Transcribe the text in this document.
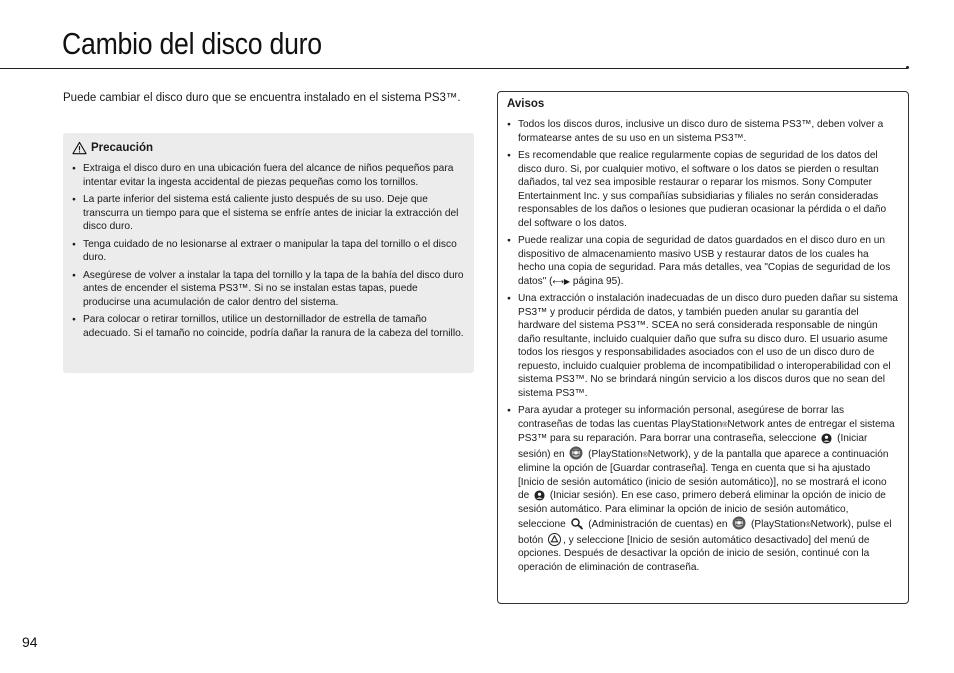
Cambio del disco duro
Puede cambiar el disco duro que se encuentra instalado en el sistema PS3™.
Precaución
● Extraiga el disco duro en una ubicación fuera del alcance de niños pequeños para intentar evitar la ingesta accidental de piezas pequeñas como los tornillos.
● La parte inferior del sistema está caliente justo después de su uso. Deje que transcurra un tiempo para que el sistema se enfríe antes de iniciar la extracción del disco duro.
● Tenga cuidado de no lesionarse al extraer o manipular la tapa del tornillo o el disco duro.
● Asegúrese de volver a instalar la tapa del tornillo y la tapa de la bahía del disco duro antes de encender el sistema PS3™. Si no se instalan estas tapas, puede producirse una acumulación de calor dentro del sistema.
● Para colocar o retirar tornillos, utilice un destornillador de estrella de tamaño adecuado. Si el tamaño no coincide, podría dañar la ranura de la cabeza del tornillo.
Avisos
● Todos los discos duros, inclusive un disco duro de sistema PS3™, deben volver a formatearse antes de su uso en un sistema PS3™.
● Es recomendable que realice regularmente copias de seguridad de los datos del disco duro. Si, por cualquier motivo, el software o los datos se pierden o resultan dañados, tal vez sea imposible restaurar o reparar los mismos. Sony Computer Entertainment Inc. y sus compañías subsidiarias y filiales no serán consideradas responsables de los daños o lesiones que pudieran ocasionar la pérdida o el daño del software o los datos.
● Puede realizar una copia de seguridad de datos guardados en el disco duro en un dispositivo de almacenamiento masivo USB y restaurar datos de los cuales ha hecho una copia de seguridad. Para más detalles, vea "Copias de seguridad de los datos" (⟷▶ página 95).
● Una extracción o instalación inadecuadas de un disco duro pueden dañar su sistema PS3™ y producir pérdida de datos, y también pueden anular su garantía del hardware del sistema PS3™. SCEA no será considerada responsable de ningún daño resultante, incluido cualquier daño que sufra su disco duro. El usuario asume todos los riesgos y responsabilidades asociados con el uso de un disco duro de repuesto, incluido cualquier problema de incompatibilidad o interoperabilidad con el sistema PS3™. No se brindará ningún servicio a los discos duros que no sean del sistema PS3™.
● Para ayudar a proteger su información personal, asegúrese de borrar las contraseñas de todas las cuentas PlayStation®Network antes de entregar el sistema PS3™ para su reparación. Para borrar una contraseña, seleccione  (Iniciar sesión) en  (PlayStation®Network), y de la pantalla que aparece a continuación elimine la opción de [Guardar contraseña]. Tenga en cuenta que si ha ajustado [Inicio de sesión automático (inicio de sesión automático)], no se mostrará el icono de  (Iniciar sesión). En ese caso, primero deberá eliminar la opción de inicio de sesión automático. Para eliminar la opción de inicio de sesión automático, seleccione  (Administración de cuentas) en  (PlayStation®Network), pulse el botón , y seleccione [Inicio de sesión automático desactivado] del menú de opciones. Después de desactivar la opción de inicio de sesión, continué con la operación de eliminación de contraseña.
94
